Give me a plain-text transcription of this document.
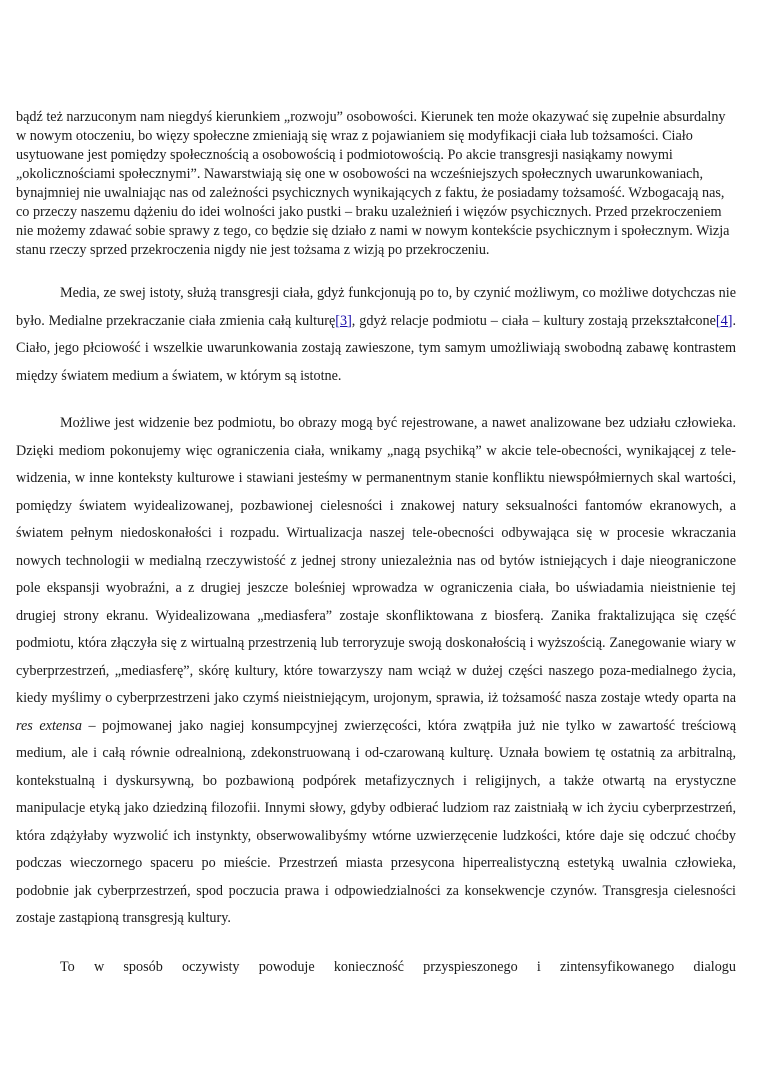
bądź też narzuconym nam niegdyś kierunkiem „rozwoju” osobowości. Kierunek ten może okazywać się zupełnie absurdalny w nowym otoczeniu, bo więzy społeczne zmieniają się wraz z pojawianiem się modyfikacji ciała lub tożsamości. Ciało usytuowane jest pomiędzy społecznością a osobowością i podmiotowością. Po akcie transgresji nasiąkamy nowymi „okolicznościami społecznymi”. Nawarstwiają się one w osobowości na wcześniejszych społecznych uwarunkowaniach, bynajmniej nie uwalniając nas od zależności psychicznych wynikających z faktu, że posiadamy tożsamość. Wzbogacają nas, co przeczy naszemu dążeniu do idei wolności jako pustki – braku uzależnień i więzów psychicznych. Przed przekroczeniem nie możemy zdawać sobie sprawy z tego, co będzie się działo z nami w nowym kontekście psychicznym i społecznym. Wizja stanu rzeczy sprzed przekroczenia nigdy nie jest tożsama z wizją po przekroczeniu.

Media, ze swej istoty, służą transgresji ciała, gdyż funkcjonują po to, by czynić możliwym, co możliwe dotychczas nie było. Medialne przekraczanie ciała zmienia całą kulturę[3], gdyż relacje podmiotu – ciała – kultury zostają przekształcone[4]. Ciało, jego płciowość i wszelkie uwarunkowania zostają zawieszone, tym samym umożliwiają swobodną zabawę kontrastem między światem medium a światem, w którym są istotne.

Możliwe jest widzenie bez podmiotu, bo obrazy mogą być rejestrowane, a nawet analizowane bez udziału człowieka. Dzięki mediom pokonujemy więc ograniczenia ciała, wnikamy „nagą psychiką” w akcie tele-obecności, wynikającej z tele-widzenia, w inne konteksty kulturowe i stawiani jesteśmy w permanentnym stanie konfliktu niewspółmiernych skal wartości, pomiędzy światem wyidealizowanej, pozbawionej cielesności i znakowej natury seksualności fantomów ekranowych, a światem pełnym niedoskonałości i rozpadu. Wirtualizacja naszej tele-obecności odbywająca się w procesie wkraczania nowych technologii w medialną rzeczywistość z jednej strony uniezależnia nas od bytów istniejących i daje nieograniczone pole ekspansji wyobraźni, a z drugiej jeszcze boleśniej wprowadza w ograniczenia ciała, bo uświadamia nieistnienie tej drugiej strony ekranu. Wyidealizowana „mediasfera” zostaje skonfliktowana z biosferą. Zanika fraktalizująca się część podmiotu, która złączyła się z wirtualną przestrzenią lub terroryzuje swoją doskonałością i wyższością. Zanegowanie wiary w cyberprzestrzeń, „mediasferę”, skórę kultury, które towarzyszy nam wciąż w dużej części naszego poza-medialnego życia, kiedy myślimy o cyberprzestrzeni jako czymś nieistniejącym, urojonym, sprawia, iż tożsamość nasza zostaje wtedy oparta na res extensa – pojmowanej jako nagiej konsumpcyjnej zwierzęcości, która zwątpiła już nie tylko w zawartość treściową medium, ale i całą równie odrealnioną, zdekonstruowaną i od-czarowaną kulturę. Uznała bowiem tę ostatnią za arbitralną, kontekstualną i dyskursywną, bo pozbawioną podpórek metafizycznych i religijnych, a także otwartą na erystyczne manipulacje etyką jako dziedziną filozofii. Innymi słowy, gdyby odbierać ludziom raz zaistniałą w ich życiu cyberprzestrzeń, która zdążyłaby wyzwolić ich instynkty, obserwowalibyśmy wtórne uzwierzęcenie ludzkości, które daje się odczuć choćby podczas wieczornego spaceru po mieście. Przestrzeń miasta przesycona hiperrealistyczną estetyką uwalnia człowieka, podobnie jak cyberprzestrzeń, spod poczucia prawa i odpowiedzialności za konsekwencje czynów. Transgresja cielesności zostaje zastąpioną transgresją kultury.

To w sposób oczywisty powoduje konieczność przyspieszonego i zintensyfikowanego dialogu
